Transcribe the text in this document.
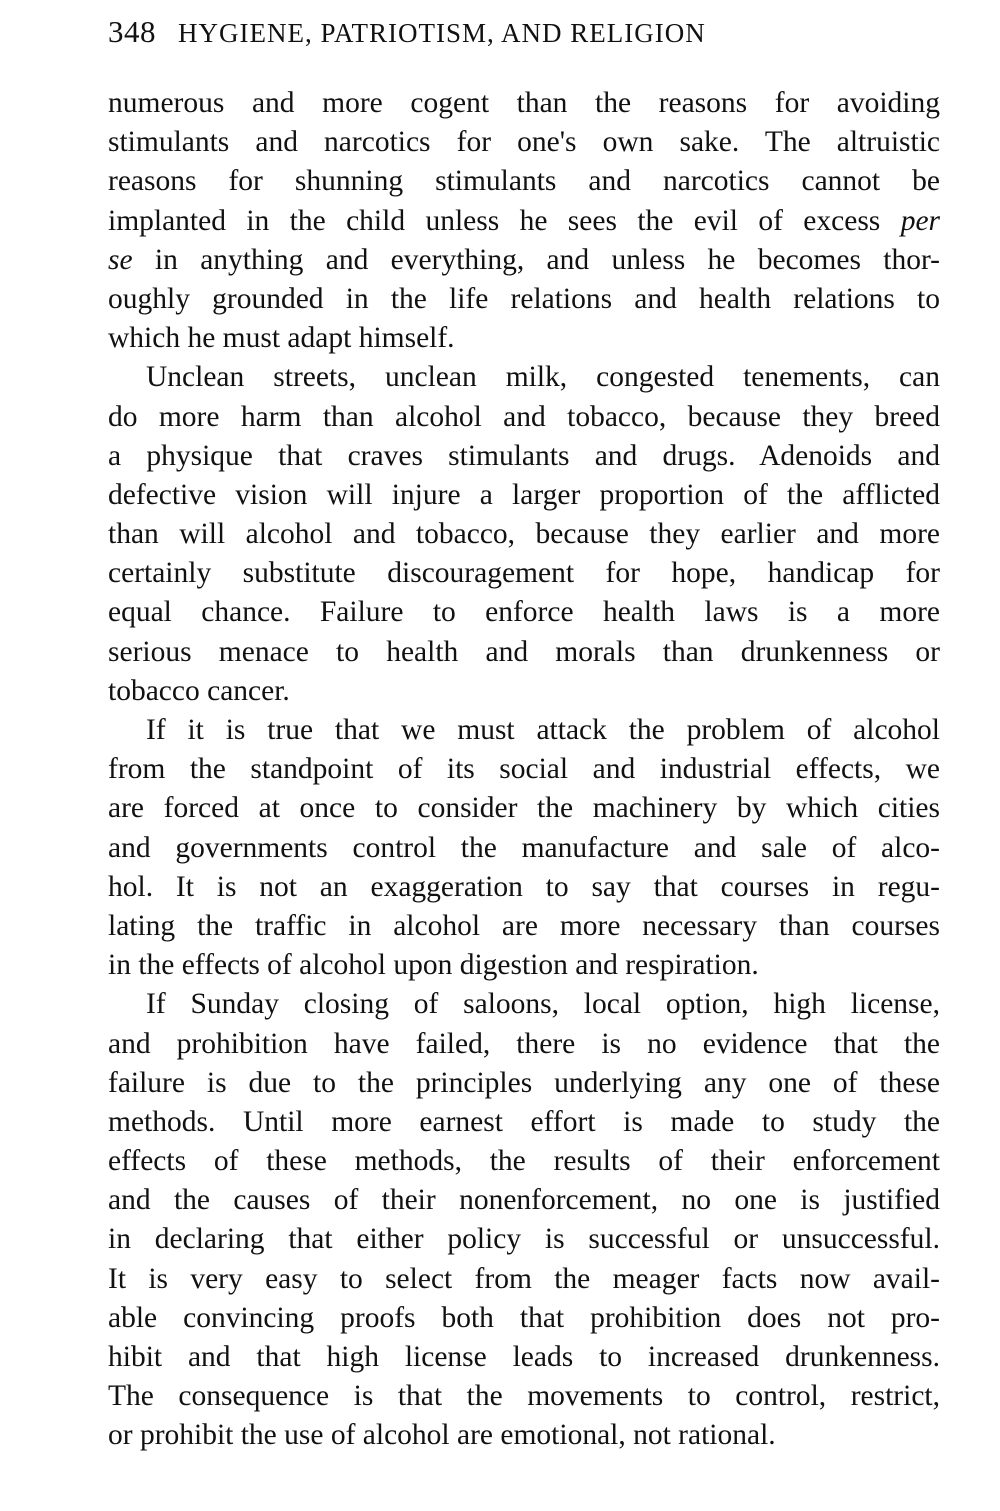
348 HYGIENE, PATRIOTISM, AND RELIGION
numerous and more cogent than the reasons for avoiding
stimulants and narcotics for one's own sake. The altruistic
reasons for shunning stimulants and narcotics cannot be
implanted in the child unless he sees the evil of excess per
se in anything and everything, and unless he becomes thor-
oughly grounded in the life relations and health relations to
which he must adapt himself.
Unclean streets, unclean milk, congested tenements, can
do more harm than alcohol and tobacco, because they breed
a physique that craves stimulants and drugs. Adenoids and
defective vision will injure a larger proportion of the afflicted
than will alcohol and tobacco, because they earlier and more
certainly substitute discouragement for hope, handicap for
equal chance. Failure to enforce health laws is a more
serious menace to health and morals than drunkenness or
tobacco cancer.
If it is true that we must attack the problem of alcohol
from the standpoint of its social and industrial effects, we
are forced at once to consider the machinery by which cities
and governments control the manufacture and sale of alco-
hol. It is not an exaggeration to say that courses in regu-
lating the traffic in alcohol are more necessary than courses
in the effects of alcohol upon digestion and respiration.
If Sunday closing of saloons, local option, high license,
and prohibition have failed, there is no evidence that the
failure is due to the principles underlying any one of these
methods. Until more earnest effort is made to study the
effects of these methods, the results of their enforcement
and the causes of their nonenforcement, no one is justified
in declaring that either policy is successful or unsuccessful.
It is very easy to select from the meager facts now avail-
able convincing proofs both that prohibition does not pro-
hibit and that high license leads to increased drunkenness.
The consequence is that the movements to control, restrict,
or prohibit the use of alcohol are emotional, not rational.
